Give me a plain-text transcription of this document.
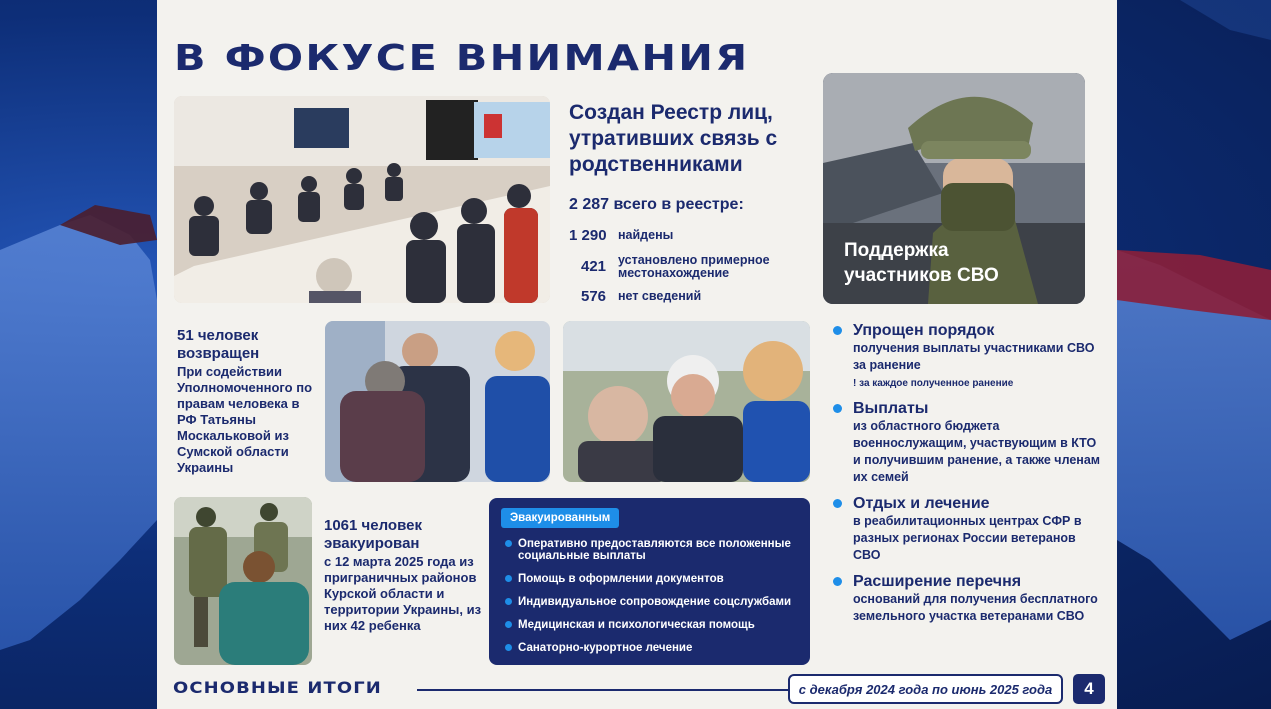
В ФОКУСЕ ВНИМАНИЯ
Создан Реестр лиц, утративших связь с родственниками
2 287 всего в реестре:
1 290 найдены
421 установлено примерное местонахождение
576 нет сведений
Поддержка участников СВО
51 человек возвращен
При содействии Уполномоченного по правам человека в РФ Татьяны Москальковой из Сумской области Украины
1061 человек эвакуирован
с 12 марта 2025 года из приграничных районов Курской области и территории Украины, из них 42 ребенка
Эвакуированным
Оперативно предоставляются все положенные социальные выплаты
Помощь в оформлении документов
Индивидуальное сопровождение соцслужбами
Медицинская и психологическая помощь
Санаторно-курортное лечение
Упрощен порядок
получения выплаты участниками СВО за ранение
! за каждое полученное ранение
Выплаты
из областного бюджета военнослужащим, участвующим в КТО и получившим ранение, а также членам их семей
Отдых и лечение
в реабилитационных центрах СФР в разных регионах России ветеранов СВО
Расширение перечня
оснований для получения бесплатного земельного участка ветеранами СВО
ОСНОВНЫЕ ИТОГИ	с декабря 2024 года по июнь 2025 года	4
